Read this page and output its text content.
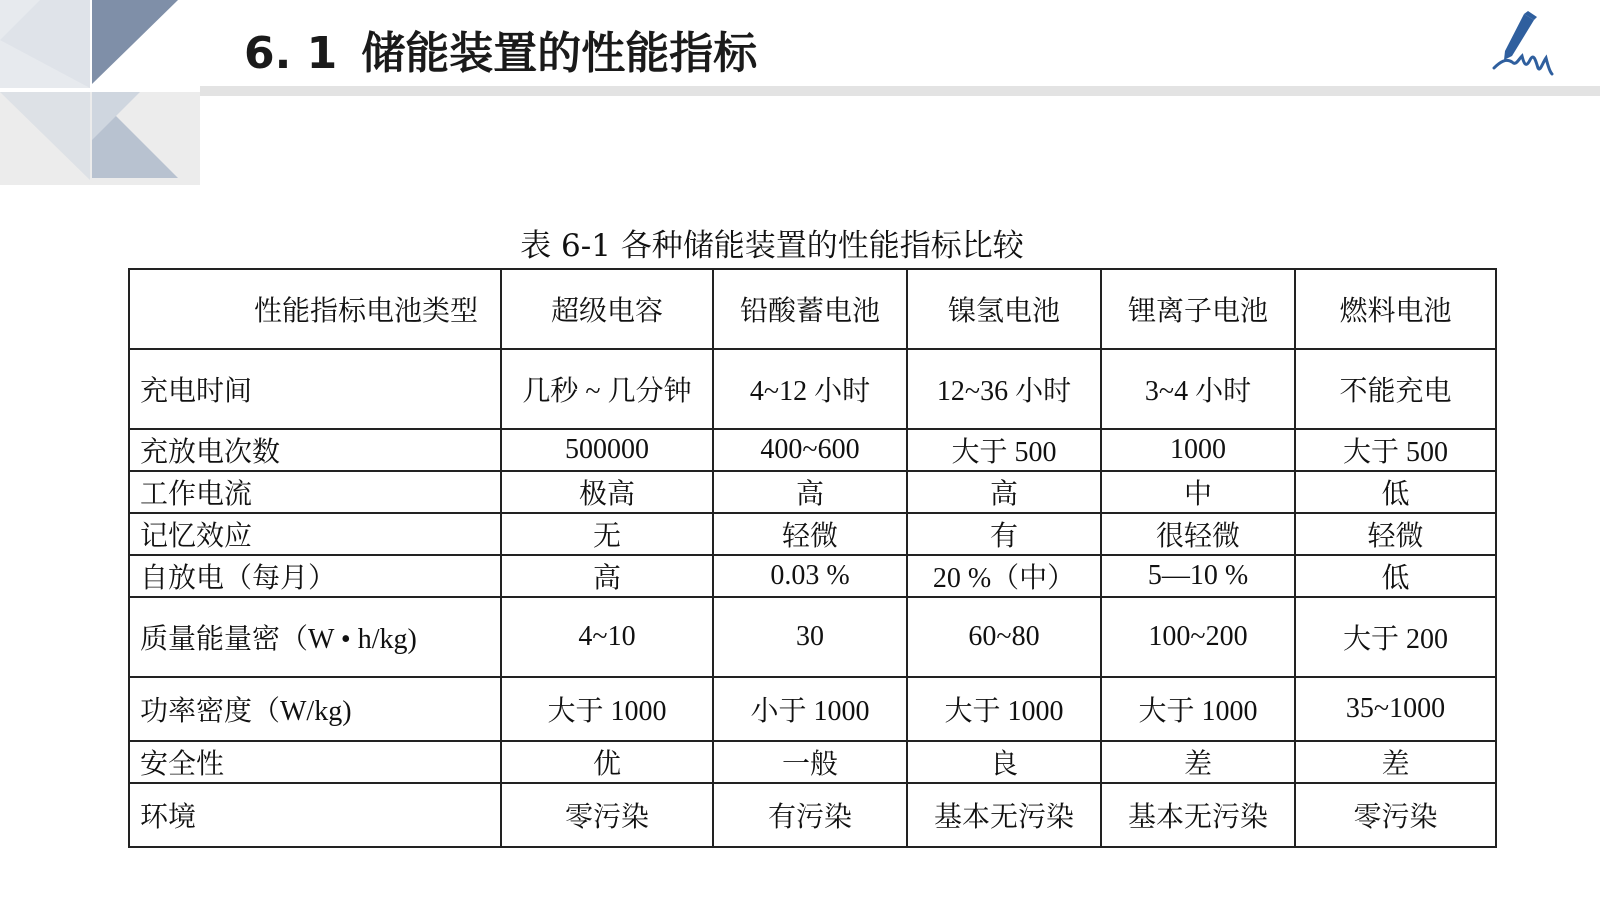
6. 1 储能装置的性能指标
表 6-1 各种储能装置的性能指标比较
性能指标电池类型	超级电容	铅酸蓄电池	镍氢电池	锂离子电池	燃料电池
充电时间	几秒 ~ 几分钟	4~12 小时	12~36 小时	3~4 小时	不能充电
充放电次数	500000	400~600	大于 500	1000	大于 500
工作电流	极高	高	高	中	低
记忆效应	无	轻微	有	很轻微	轻微
自放电（每月）	高	0.03 %	20 %（中）	5—10 %	低
质量能量密（W • h/kg)	4~10	30	60~80	100~200	大于 200
功率密度（W/kg)	大于 1000	小于 1000	大于 1000	大于 1000	35~1000
安全性	优	一般	良	差	差
环境	零污染	有污染	基本无污染	基本无污染	零污染
